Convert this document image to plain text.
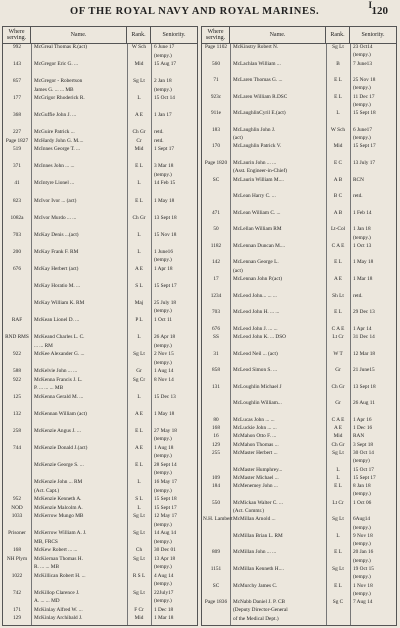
OF THE ROYAL NAVY AND ROYAL MARINES.
I 120
Where serving.	Name.	Rank.	Seniority.
992	McGreal Thomas R.(act)	W Sch	6 June 17
(tempy.)
143	McGregor Eric G. ...	Mid	15 Aug 17
857	McGregor - Robertson	Sg Lt	2 Jan 18
James G. ... ... MB	(tempy.)
177	McGrigor Rhoderick R.	L	15 Oct 14
368	McGuffie John J. ...	A E	1 Jan 17
227	McGuire Patrick ...	Ch Gr	retd.
Page 1827	McHardy John G. M....	Cr	retd.
519	McInnes George T. ...	Mid	1 Sept 17
371	McInnes John ... ...	E L	3 Mar 18
(tempy.)
41	McIntyre Lionel ...	L	14 Feb 15
823	McIvor Ivor ... (act)	E L	1 May 18
1082a	McIvor Murdo ... ...	Ch Gr	13 Sept 18
703	McKay Denis ...(act)	L	15 Nov 18
200	McKay Frank F. RM	L	1 June16
(tempy.)
676	McKay Herbert (act)	A E	1 Apr 18
McKay Horatio M. ...	S L	15 Sept 17
McKay William K. RM	Maj	25 July 18
(tempy.)
RAF	McKean Lionel D. ...	P L	1 Oct 11
RND RMS McKeand Charles L. C.	L	26 Apr 18
... ... RM	(tempy.)
922	McKee Alexander G. ...	Sg Lt	2 Nov 15
(tempy.)
588	McKelvie John ... ...	Gr	1 Aug 14
922	McKenna Francis J. L.	Sg Cr	8 Nov 14
P. ... ... ... MB
125	McKenna Gerald M. ...	L	15 Dec 13
132	McKennan William (act)	A E	1 May 18
258	McKenzie Angus J. ...	E L	27 May 18
(tempy.)
744	McKenzie Donald J.(act)	A E	1 Aug 18
(tempy.)
McKenzie George S. ...	E L	28 Sept 14
(tempy.)
McKenzie John ... RM	L	16 May 17
(Act. Capt.)	(tempy.)
952	McKenzie Kenneth A.	S L	15 Sept 18
NOD	McKenzie Malcolm A.	L	15 Sept 17
1033	McKerrow Mungo MB	Sg Lt	12 May 17
(tempy.)
Prisoner	McKerrow William A. J.	Sg Lt	14 Aug 14
MB, FRCS	(tempy.)
168	McKew Robert ... ...	Ch	30 Dec 01
NH Plym	McKiernan Thomas H.	Sg Lt	13 Apr 18
R. ... ... MB	(tempy.)
1022	McKillican Robert H. ...	R S L	4 Aug 14
(tempy.)
742	McKillop Clarence J.	Sg Lt	22July17
A. ... ... MD	(tempy.)
171	McKinlay Alfred W. ...	F Cr	1 Dec 18
129	McKinlay Archibald J.	Mid	1 Mar 18
Where serving.	Name.	Rank.	Seniority.
Page 1102	McKinstry Robert N.	Sg Lt	23 Oct14
(tempy.)
560	McLachlan William ...	B	7 June13
71	McLaren Thomas G. ...	E L	25 Nov 18
(tempy.)
923c	McLaren William R.DSC	E L	11 Dec 17
(tempy.)
911e	McLaughlinCyril E.(act)	L	15 Sept 18
183	McLaughlin John J.	W Sch	6 June17
(act)	(tempy.)
170	McLaughlin Patrick V.	Mid	15 Sept 17
Page 1820	McLaurin John ... ...	E C	13 July 17
(Asst. Engineer-in-Chief)
SC	McLaurin William M....	A B	RCN
McLean Harry C. ...	B C	retd.
471	McLean William C. ...	A B	1 Feb 14
50	McLellan William RM	Lt-Col	1 Jan 18
(tempy.)
1182	McLennan Duncan M....	C A E	1 Oct 13
142	McLennan George L.	E L	1 May 18
(act)
17	McLennan John P.(act)	A E	1 Mar 18
1234	McLeod John... ... ...	Sh Lt	retd.
703	McLeod John H. ... ...	E L	29 Dec 13
676	McLeod John J. ... ...	C A E	1 Apr 14
SS	McLeod John K. ... DSO	Lt Cr	31 Dec 14
31	McLeod Neil ... (act)	W T	12 Mar 18
858	McLeod Simon S. ...	Gr	21 June15
131	McLoughlin Michael J	Ch Gr	13 Sept 18
McLoughlin William...	Gr	26 Aug 11
80	McLucas John ... ...	C A E	1 Apr 16
168	McLuckie John ... ...	A E	1 Dec 16
16	McMahon Otto F. ...	Mid	RAN
129	McMahon Thomas ...	Ch Gr	3 Sept 18
255	McMaster Herbert ...	Sg Lt	30 Oct 14
(tempy)
McMaster Humphrey...	L	15 Oct 17
109	McMaster Michael ...	L	15 Sept 17
184	McMenemey John ...	E L	8 Jan 18
(tempy.)
550	McMickan Walter C. ...	Lt Cr	1 Oct 06
(Act. Commr.)
N.H. Lambert McMillan Arnold ...	Sg Lt	6Aug14
(tempy.)
McMillan Brian L. RM	L	9 Nov 18
(tempy.)
809	McMillan John ... ...	E L	20 Jan 16
(tempy.)
1151	McMillan Kenneth H....	Sg Lt	19 Oct 15
(tempy.)
SC	McMurchy James C.	E L	1 Nov 18
(tempy.)
Page 1836	McNabb Daniel J. P. CB	Sg C	7 Aug 14
(Deputy Director-General
of the Medical Dept.)
